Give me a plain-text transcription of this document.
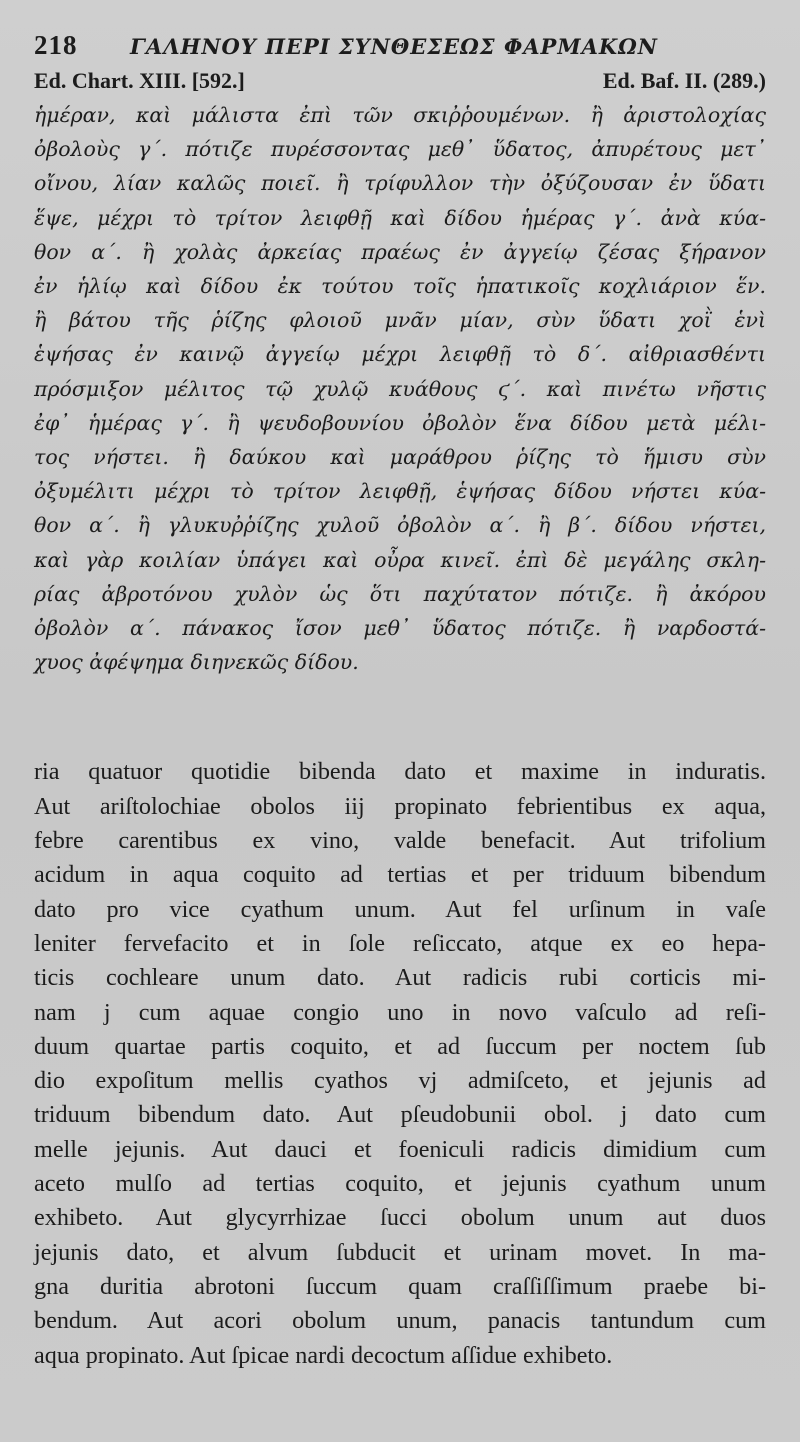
218	ΓΑΛΗΝΟΥ ΠΕΡΙ ΣΥΝΘΕΣΕΩΣ ΦΑΡΜΑΚΩΝ
Ed. Chart. XIII. [592.]	Ed. Baf. II. (289.)
ἡμέραν, καὶ μάλιστα ἐπὶ τῶν σκιῤῥουμένων. ἢ ἀριστολοχίας
ὀβολοὺς γ΄. πότιζε πυρέσσοντας μεθ᾽ ὕδατος, ἀπυρέτους μετ᾽
οἴνου, λίαν καλῶς ποιεῖ. ἢ τρίφυλλον τὴν ὀξύζουσαν ἐν ὕδατι
ἕψε, μέχρι τὸ τρίτον λειφθῇ καὶ δίδου ἡμέρας γ΄. ἀνὰ κύα-
θον α΄. ἢ χολὰς ἀρκείας πραέως ἐν ἀγγείῳ ζέσας ξήρανον
ἐν ἡλίῳ καὶ δίδου ἐκ τούτου τοῖς ἡπατικοῖς κοχλιάριον ἕν.
ἢ βάτου τῆς ῥίζης φλοιοῦ μνᾶν μίαν, σὺν ὕδατι χοῒ ἑνὶ
ἑψήσας ἐν καινῷ ἀγγείῳ μέχρι λειφθῇ τὸ δ΄. αἰθριασθέντι
πρόσμιξον μέλιτος τῷ χυλῷ κυάθους ϛ΄. καὶ πινέτω νῆστις
ἐφ᾽ ἡμέρας γ΄. ἢ ψευδοβουνίου ὀβολὸν ἕνα δίδου μετὰ μέλι-
τος νήστει. ἢ δαύκου καὶ μαράθρου ῥίζης τὸ ἥμισυ σὺν
ὀξυμέλιτι μέχρι τὸ τρίτον λειφθῇ, ἑψήσας δίδου νήστει κύα-
θον α΄. ἢ γλυκυῤῥίζης χυλοῦ ὀβολὸν α΄. ἢ β΄. δίδου νήστει,
καὶ γὰρ κοιλίαν ὑπάγει καὶ οὖρα κινεῖ. ἐπὶ δὲ μεγάλης σκλη-
ρίας ἀβροτόνου χυλὸν ὡς ὅτι παχύτατον πότιζε. ἢ ἀκόρου
ὀβολὸν α΄. πάνακος ἴσον μεθ᾽ ὕδατος πότιζε. ἢ ναρδοστά-
χυος ἀφέψημα διηνεκῶς δίδου.
ria quatuor quotidie bibenda dato et maxime in induratis.
Aut ariſtolochiae obolos iij propinato febrientibus ex aqua,
febre carentibus ex vino, valde benefacit. Aut trifolium
acidum in aqua coquito ad tertias et per triduum bibendum
dato pro vice cyathum unum. Aut fel urſinum in vaſe
leniter fervefacito et in ſole reſiccato, atque ex eo hepa-
ticis cochleare unum dato. Aut radicis rubi corticis mi-
nam j cum aquae congio uno in novo vaſculo ad reſi-
duum quartae partis coquito, et ad ſuccum per noctem ſub
dio expoſitum mellis cyathos vj admiſceto, et jejunis ad
triduum bibendum dato. Aut pſeudobunii obol. j dato cum
melle jejunis. Aut dauci et foeniculi radicis dimidium cum
aceto mulſo ad tertias coquito, et jejunis cyathum unum
exhibeto. Aut glycyrrhizae ſucci obolum unum aut duos
jejunis dato, et alvum ſubducit et urinam movet. In ma-
gna duritia abrotoni ſuccum quam craſſiſſimum praebe bi-
bendum. Aut acori obolum unum, panacis tantundum cum
aqua propinato. Aut ſpicae nardi decoctum aſſidue exhibeto.
